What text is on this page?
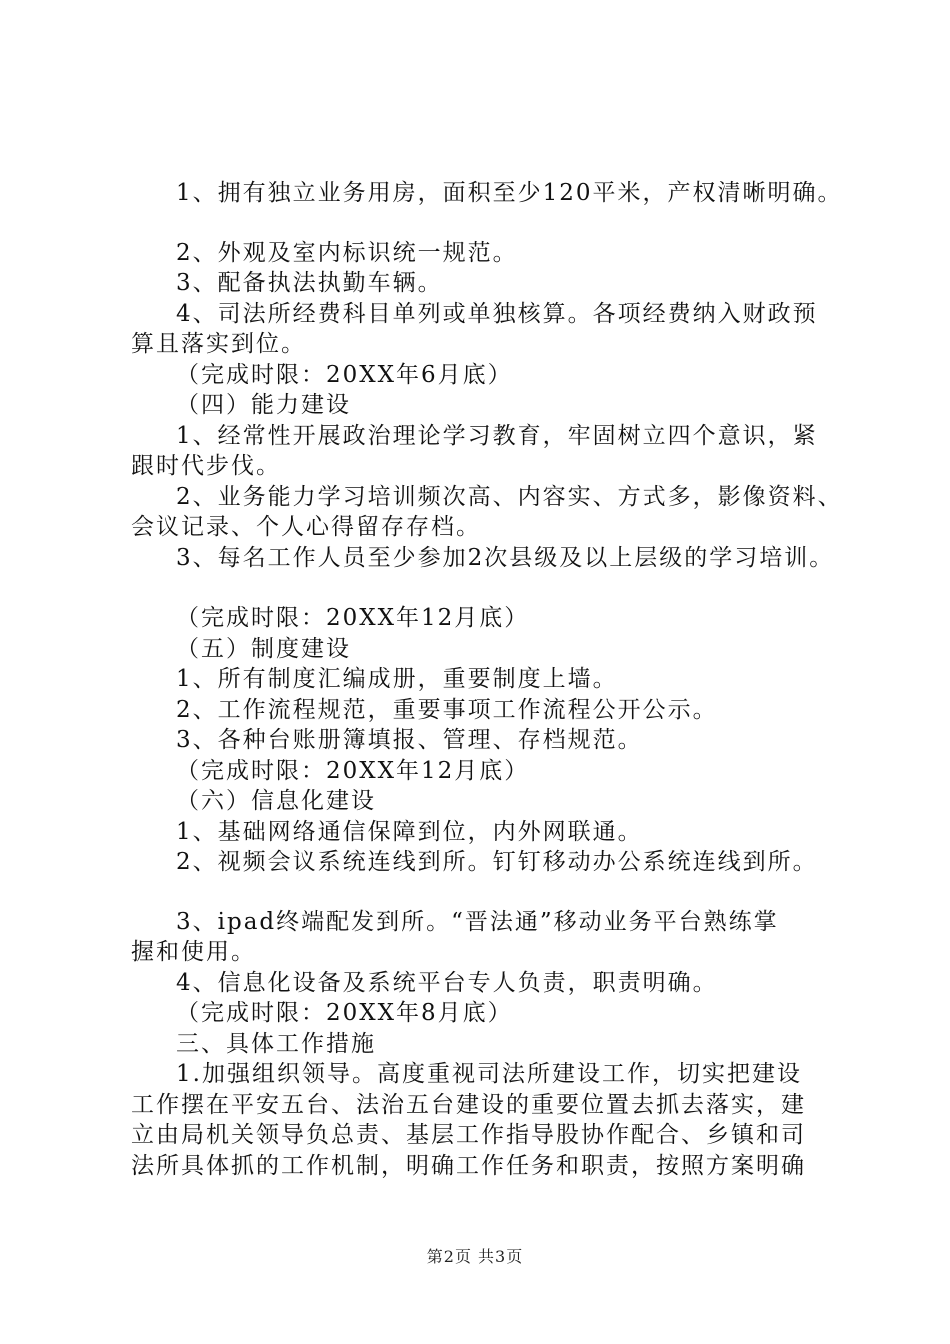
1、拥有独立业务用房，面积至少120平米，产权清晰明确。
2、外观及室内标识统一规范。
3、配备执法执勤车辆。
4、司法所经费科目单列或单独核算。各项经费纳入财政预
算且落实到位。
（完成时限：20XX年6月底）
（四）能力建设
1、经常性开展政治理论学习教育，牢固树立四个意识，紧
跟时代步伐。
2、业务能力学习培训频次高、内容实、方式多，影像资料、
会议记录、个人心得留存存档。
3、每名工作人员至少参加2次县级及以上层级的学习培训。
（完成时限：20XX年12月底）
（五）制度建设
1、所有制度汇编成册，重要制度上墙。
2、工作流程规范，重要事项工作流程公开公示。
3、各种台账册簿填报、管理、存档规范。
（完成时限：20XX年12月底）
（六）信息化建设
1、基础网络通信保障到位，内外网联通。
2、视频会议系统连线到所。钉钉移动办公系统连线到所。
3、ipad终端配发到所。“晋法通”移动业务平台熟练掌
握和使用。
4、信息化设备及系统平台专人负责，职责明确。
（完成时限：20XX年8月底）
三、具体工作措施
1.加强组织领导。高度重视司法所建设工作，切实把建设
工作摆在平安五台、法治五台建设的重要位置去抓去落实，建
立由局机关领导负总责、基层工作指导股协作配合、乡镇和司
法所具体抓的工作机制，明确工作任务和职责，按照方案明确
第2页 共3页
